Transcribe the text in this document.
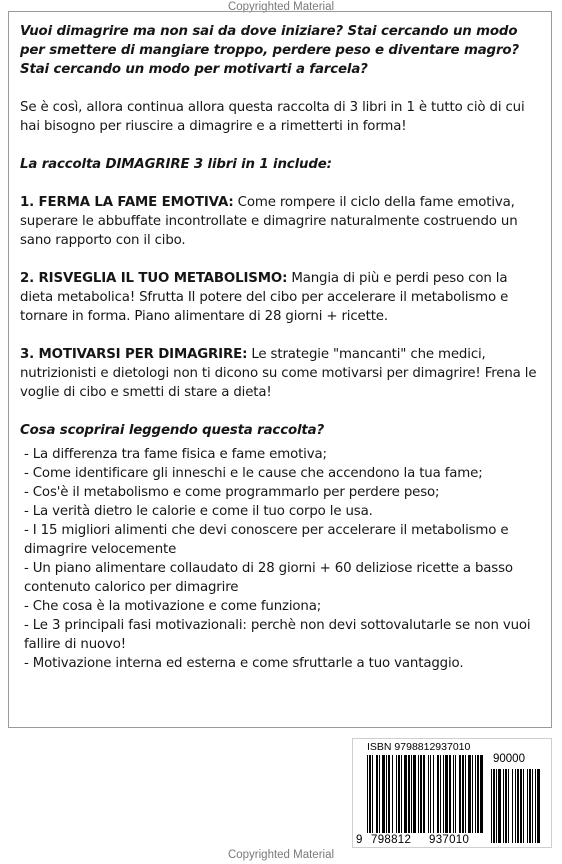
Copyrighted Material

Vuoi dimagrire ma non sai da dove iniziare? Stai cercando un modo per smettere di mangiare troppo, perdere peso e diventare magro? Stai cercando un modo per motivarti a farcela?

Se è così, allora continua allora questa raccolta di 3 libri in 1 è tutto ciò di cui hai bisogno per riuscire a dimagrire e a rimetterti in forma!

La raccolta DIMAGRIRE 3 libri in 1 include:

1. FERMA LA FAME EMOTIVA: Come rompere il ciclo della fame emotiva, superare le abbuffate incontrollate e dimagrire naturalmente costruendo un sano rapporto con il cibo.

2. RISVEGLIA IL TUO METABOLISMO: Mangia di più e perdi peso con la dieta metabolica! Sfrutta Il potere del cibo per accelerare il metabolismo e tornare in forma. Piano alimentare di 28 giorni + ricette.

3. MOTIVARSI PER DIMAGRIRE: Le strategie "mancanti" che medici, nutrizionisti e dietologi non ti dicono su come motivarsi per dimagrire! Frena le voglie di cibo e smetti di stare a dieta!

Cosa scoprirai leggendo questa raccolta?

- La differenza tra fame fisica e fame emotiva;

- Come identificare gli inneschi e le cause che accendono la tua fame;

- Cos'è il metabolismo e come programmarlo per perdere peso;

- La verità dietro le calorie e come il tuo corpo le usa.

- I 15 migliori alimenti che devi conoscere per accelerare il metabolismo e dimagrire velocemente

- Un piano alimentare collaudato di 28 giorni + 60 deliziose ricette a basso contenuto calorico per dimagrire

- Che cosa è la motivazione e come funziona;

- Le 3 principali fasi motivazionali: perchè non devi sottovalutarle se non vuoi fallire di nuovo!

- Motivazione interna ed esterna e come sfruttarle a tuo vantaggio.

ISBN 9798812937010
90000
9 798812 937010
Copyrighted Material
